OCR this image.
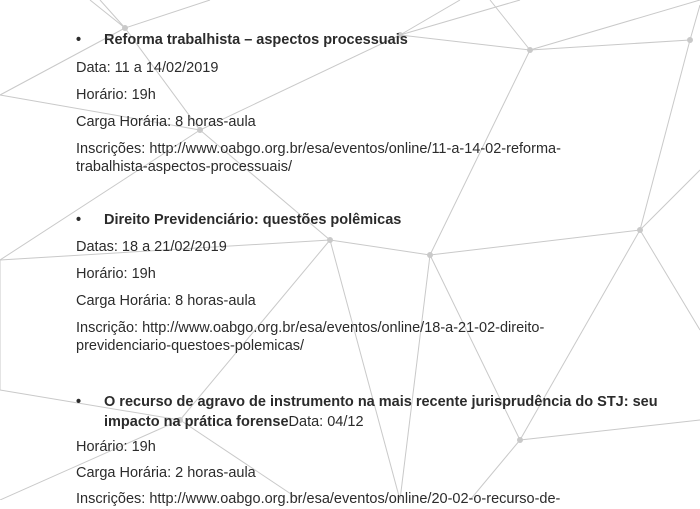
• Reforma trabalhista – aspectos processuais
Data: 11 a 14/02/2019
Horário: 19h
Carga Horária: 8 horas-aula
Inscrições: http://www.oabgo.org.br/esa/eventos/online/11-a-14-02-reforma-
trabalhista-aspectos-processuais/
• Direito Previdenciário: questões polêmicas
Datas: 18 a 21/02/2019
Horário: 19h
Carga Horária: 8 horas-aula
Inscrição: http://www.oabgo.org.br/esa/eventos/online/18-a-21-02-direito-
previdenciario-questoes-polemicas/
• O recurso de agravo de instrumento na mais recente jurisprudência do STJ: seu
impacto na prática forenseData: 04/12
Horário: 19h
Carga Horária: 2 horas-aula
Inscrições: http://www.oabgo.org.br/esa/eventos/online/20-02-o-recurso-de-
